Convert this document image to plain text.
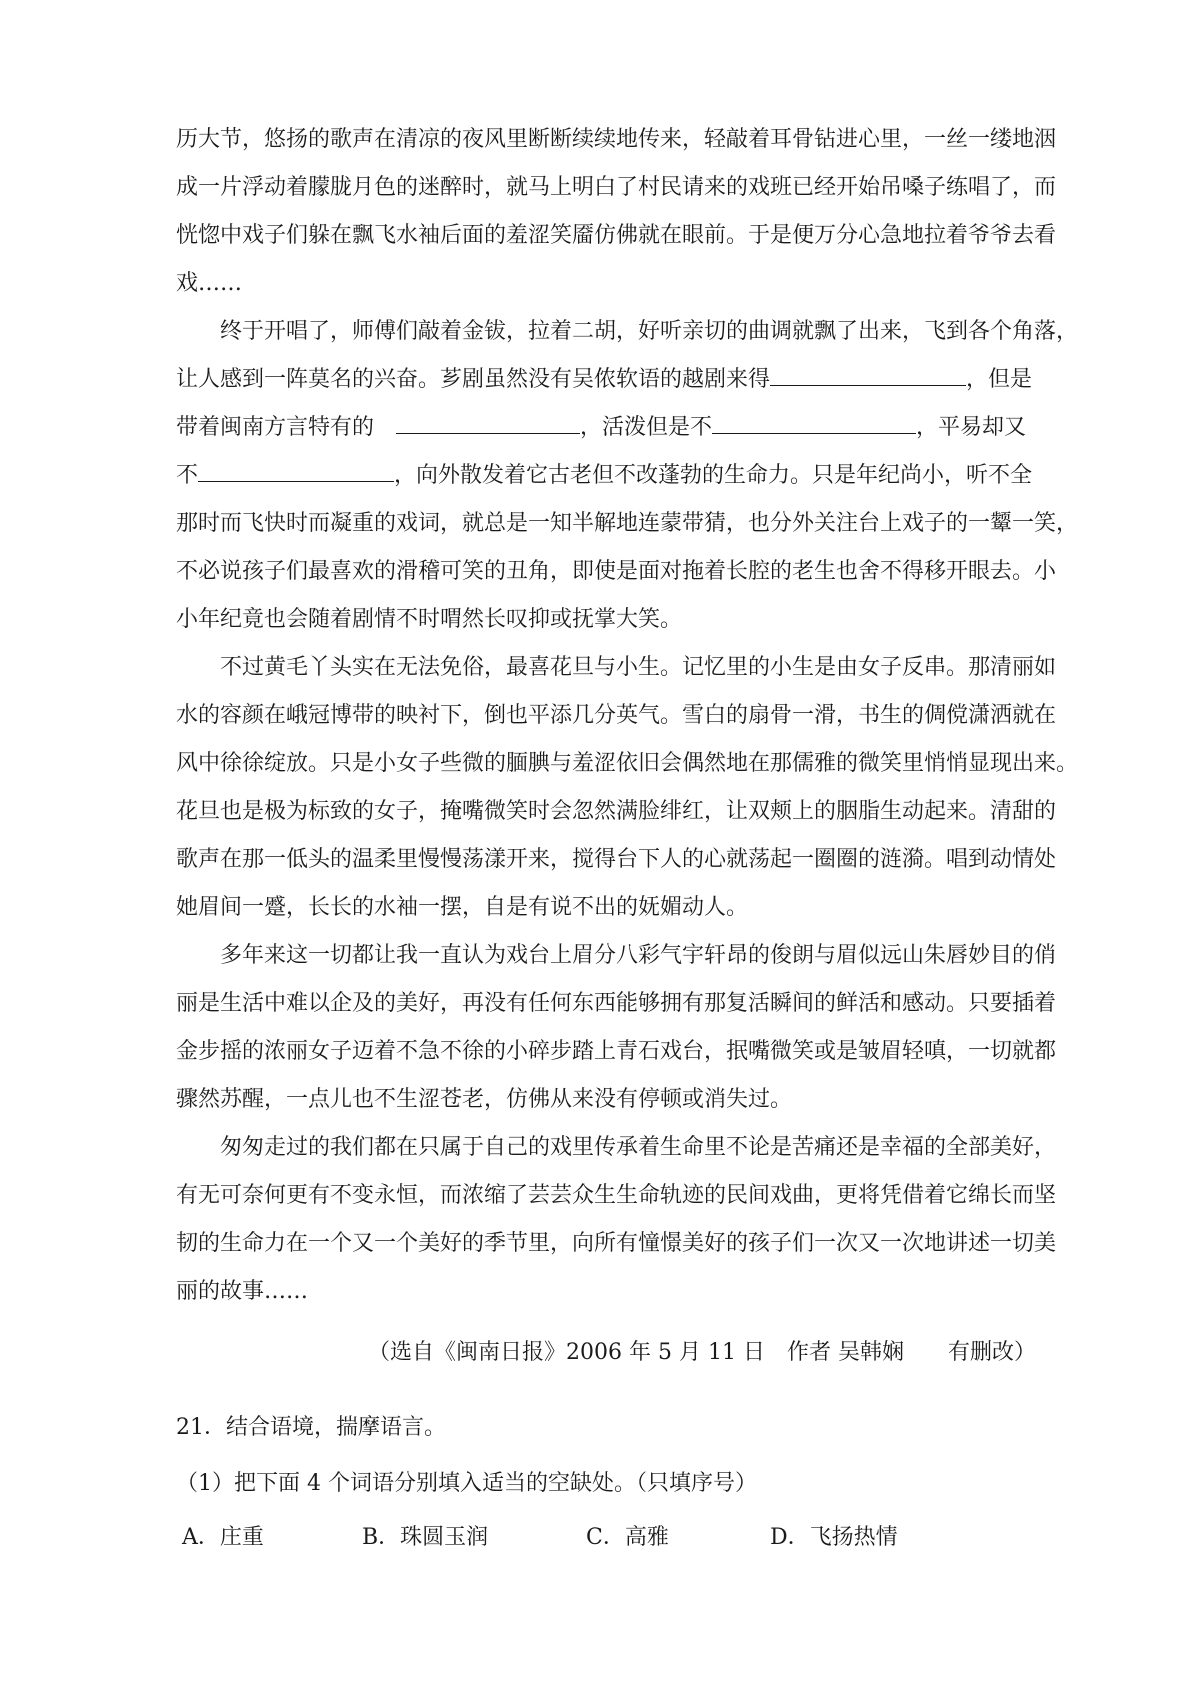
历大节，悠扬的歌声在清凉的夜风里断断续续地传来，轻敲着耳骨钻进心里，一丝一缕地洇
成一片浮动着朦胧月色的迷醉时，就马上明白了村民请来的戏班已经开始吊嗓子练唱了，而
恍惚中戏子们躲在飘飞水袖后面的羞涩笑靥仿佛就在眼前。于是便万分心急地拉着爷爷去看
戏……
终于开唱了，师傅们敲着金钹，拉着二胡，好听亲切的曲调就飘了出来，飞到各个角落，
让人感到一阵莫名的兴奋。芗剧虽然没有吴侬软语的越剧来得	，但是
带着闽南方言特有的	，活泼但是不	，平易却又
不	，向外散发着它古老但不改蓬勃的生命力。只是年纪尚小，听不全
那时而飞快时而凝重的戏词，就总是一知半解地连蒙带猜，也分外关注台上戏子的一颦一笑，
不必说孩子们最喜欢的滑稽可笑的丑角，即使是面对拖着长腔的老生也舍不得移开眼去。小
小年纪竟也会随着剧情不时喟然长叹抑或抚掌大笑。
不过黄毛丫头实在无法免俗，最喜花旦与小生。记忆里的小生是由女子反串。那清丽如
水的容颜在峨冠博带的映衬下，倒也平添几分英气。雪白的扇骨一滑，书生的倜傥潇洒就在
风中徐徐绽放。只是小女子些微的腼腆与羞涩依旧会偶然地在那儒雅的微笑里悄悄显现出来。
花旦也是极为标致的女子，掩嘴微笑时会忽然满脸绯红，让双颊上的胭脂生动起来。清甜的
歌声在那一低头的温柔里慢慢荡漾开来，搅得台下人的心就荡起一圈圈的涟漪。唱到动情处
她眉间一蹙，长长的水袖一摆，自是有说不出的妩媚动人。
多年来这一切都让我一直认为戏台上眉分八彩气宇轩昂的俊朗与眉似远山朱唇妙目的俏
丽是生活中难以企及的美好，再没有任何东西能够拥有那复活瞬间的鲜活和感动。只要插着
金步摇的浓丽女子迈着不急不徐的小碎步踏上青石戏台，抿嘴微笑或是皱眉轻嗔，一切就都
骤然苏醒，一点儿也不生涩苍老，仿佛从来没有停顿或消失过。
匆匆走过的我们都在只属于自己的戏里传承着生命里不论是苦痛还是幸福的全部美好，
有无可奈何更有不变永恒，而浓缩了芸芸众生生命轨迹的民间戏曲，更将凭借着它绵长而坚
韧的生命力在一个又一个美好的季节里，向所有憧憬美好的孩子们一次又一次地讲述一切美
丽的故事……
（选自《闽南日报》2006 年 5 月 11 日　作者 吴韩娴　　有删改）
21．结合语境，揣摩语言。
（1）把下面 4 个词语分别填入适当的空缺处。（只填序号）
A．庄重	B．珠圆玉润	C．高雅	D．飞扬热情
